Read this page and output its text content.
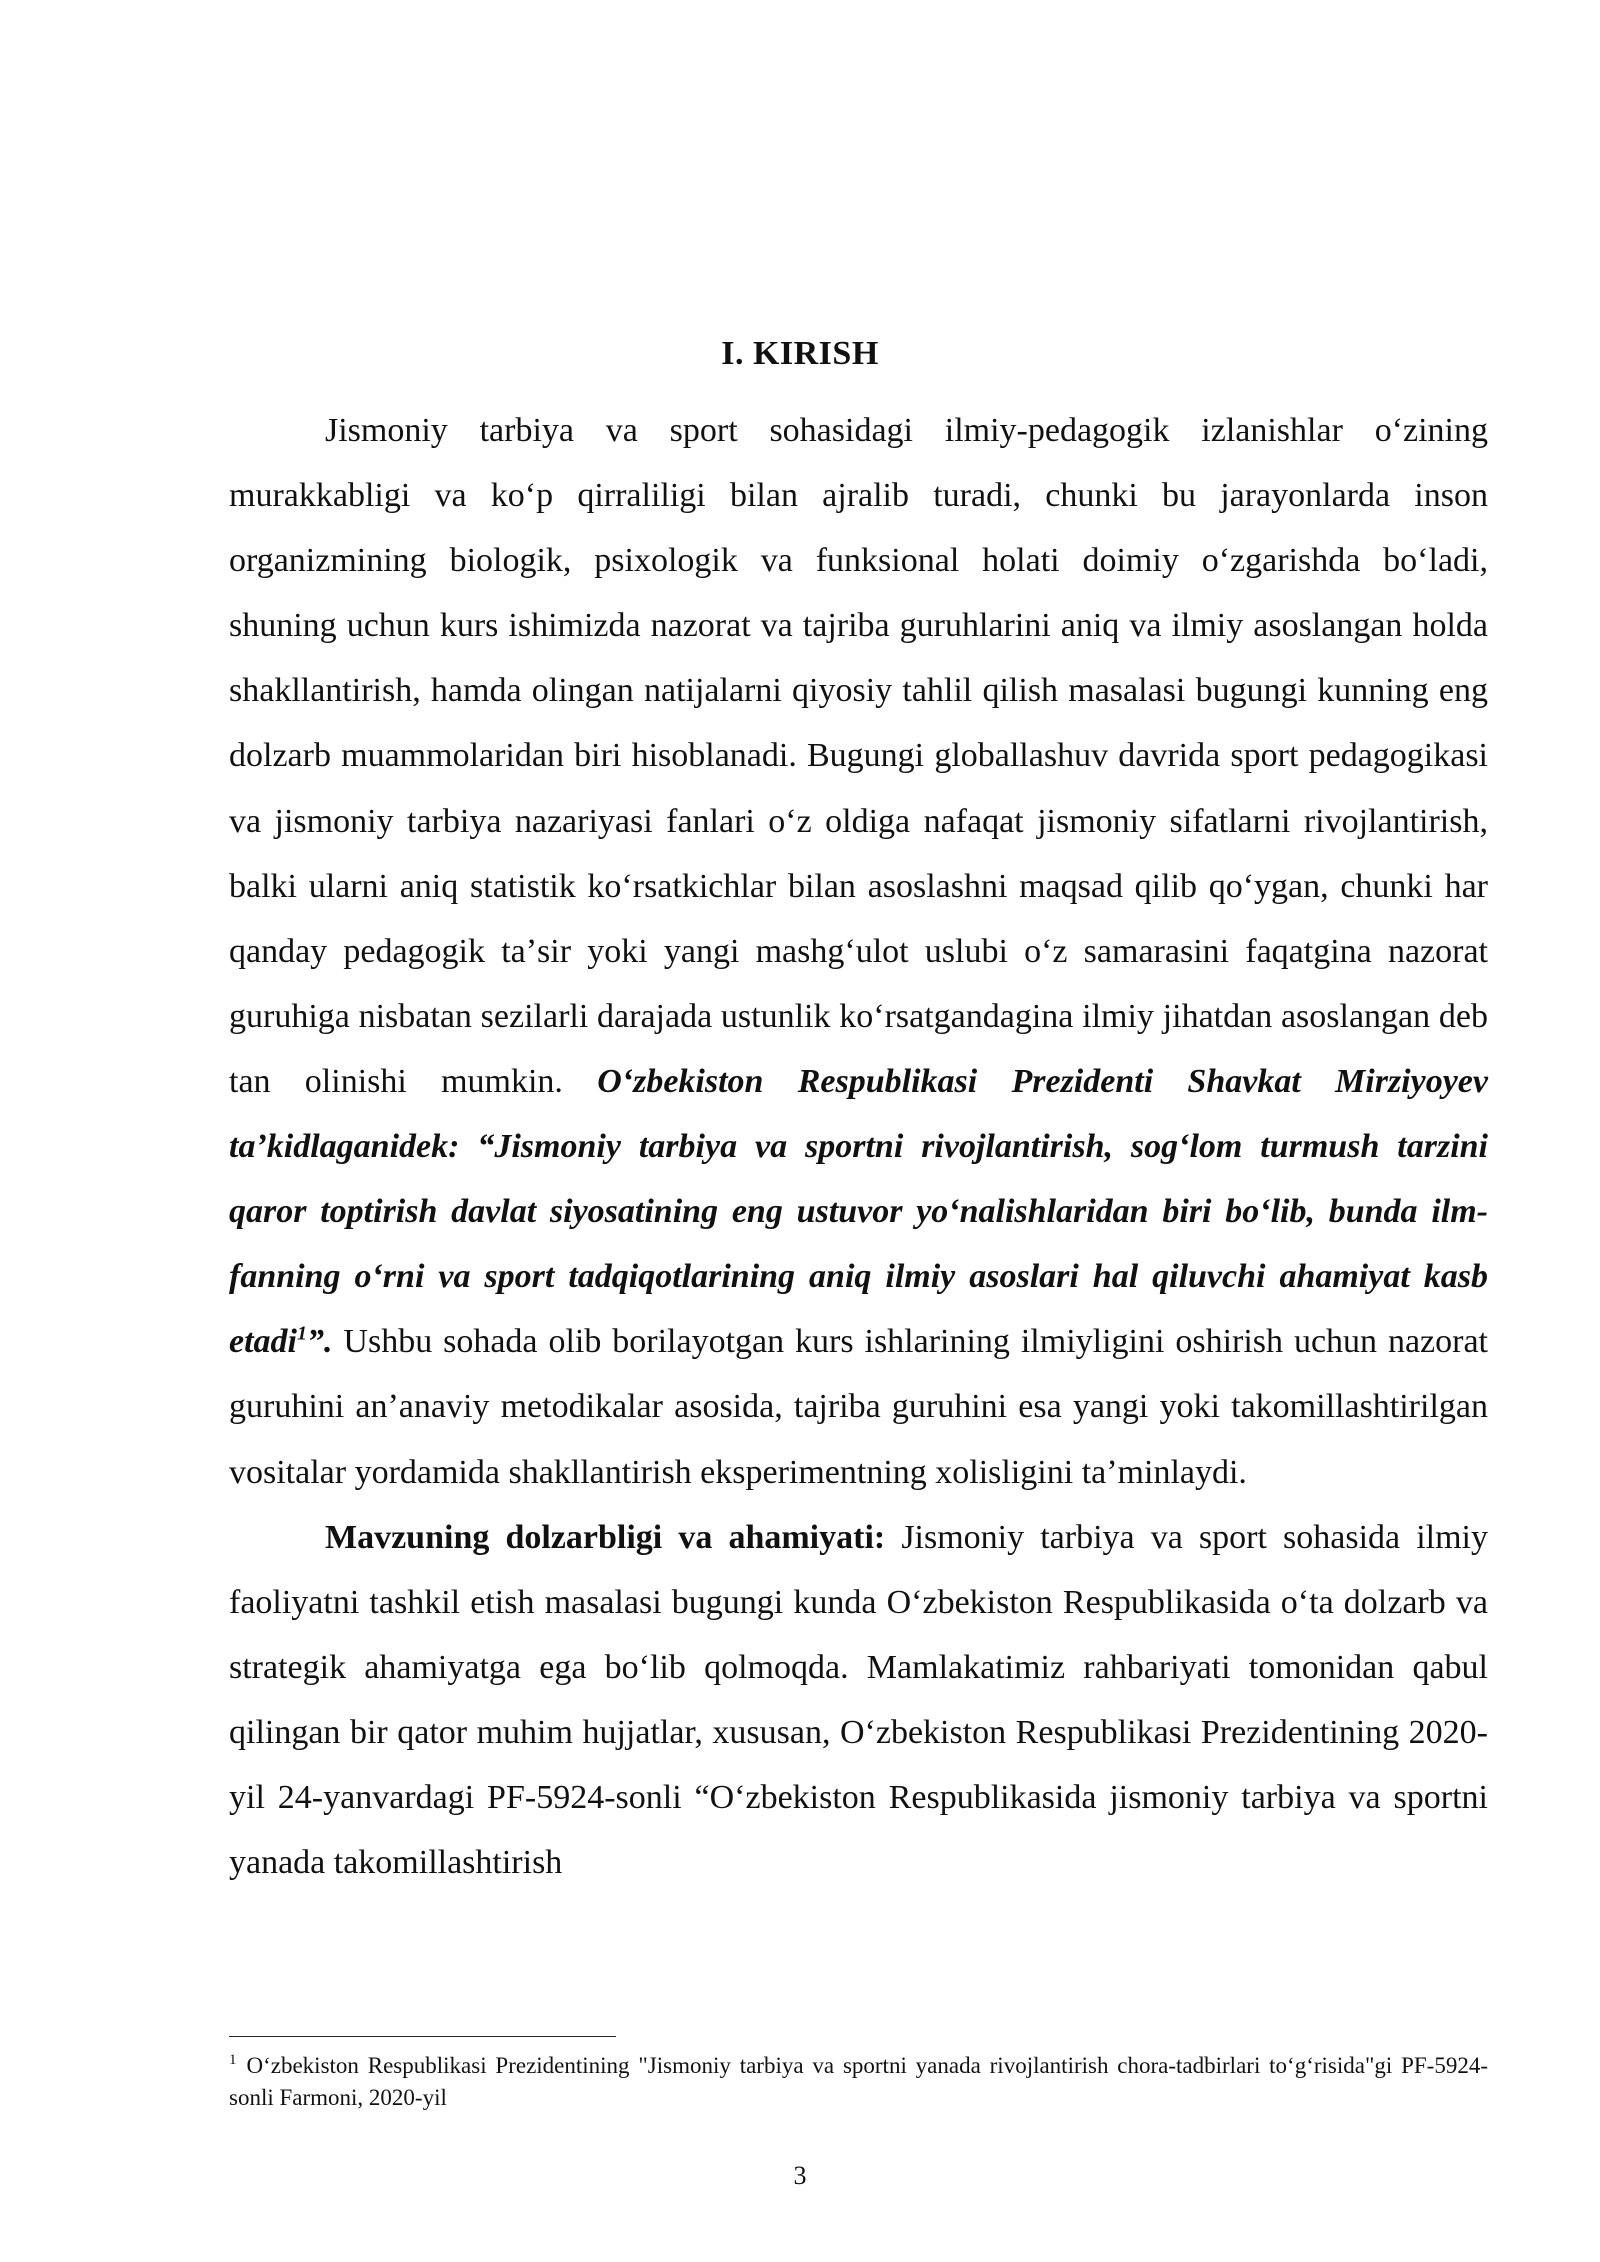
I. KIRISH

Jismoniy tarbiya va sport sohasidagi ilmiy-pedagogik izlanishlar oʻzining murakkabligi va koʻp qirraliligi bilan ajralib turadi, chunki bu jarayonlarda inson organizmining biologik, psixologik va funksional holati doimiy oʻzgarishda boʻladi, shuning uchun kurs ishimizda nazorat va tajriba guruhlarini aniq va ilmiy asoslangan holda shakllantirish, hamda olingan natijalarni qiyosiy tahlil qilish masalasi bugungi kunning eng dolzarb muammolaridan biri hisoblanadi. Bugungi globallashuv davrida sport pedagogikasi va jismoniy tarbiya nazariyasi fanlari oʻz oldiga nafaqat jismoniy sifatlarni rivojlantirish, balki ularni aniq statistik koʻrsatkichlar bilan asoslashni maqsad qilib qoʻygan, chunki har qanday pedagogik taʼsir yoki yangi mashgʻulot uslubi oʻz samarasini faqatgina nazorat guruhiga nisbatan sezilarli darajada ustunlik koʻrsatgandagina ilmiy jihatdan asoslangan deb tan olinishi mumkin. Oʻzbekiston Respublikasi Prezidenti Shavkat Mirziyoyev taʼkidlaganidek: “Jismoniy tarbiya va sportni rivojlantirish, sogʻlom turmush tarzini qaror toptirish davlat siyosatining eng ustuvor yoʻnalishlaridan biri boʻlib, bunda ilm-fanning oʻrni va sport tadqiqotlarining aniq ilmiy asoslari hal qiluvchi ahamiyat kasb etadi$^1$”. Ushbu sohada olib borilayotgan kurs ishlarining ilmiyligini oshirish uchun nazorat guruhini anʼanaviy metodikalar asosida, tajriba guruhini esa yangi yoki takomillashtirilgan vositalar yordamida shakllantirish eksperimentning xolisligini taʼminlaydi.

Mavzuning dolzarbligi va ahamiyati: Jismoniy tarbiya va sport sohasida ilmiy faoliyatni tashkil etish masalasi bugungi kunda Oʻzbekiston Respublikasida oʻta dolzarb va strategik ahamiyatga ega boʻlib qolmoqda. Mamlakatimiz rahbariyati tomonidan qabul qilingan bir qator muhim hujjatlar, xususan, Oʻzbekiston Respublikasi Prezidentining 2020-yil 24-yanvardagi PF-5924-sonli “Oʻzbekiston Respublikasida jismoniy tarbiya va sportni yanada takomillashtirish

$^1$ Oʻzbekiston Respublikasi Prezidentining "Jismoniy tarbiya va sportni yanada rivojlantirish chora-tadbirlari toʻgʻrisida"gi PF-5924-sonli Farmoni, 2020-yil
3
